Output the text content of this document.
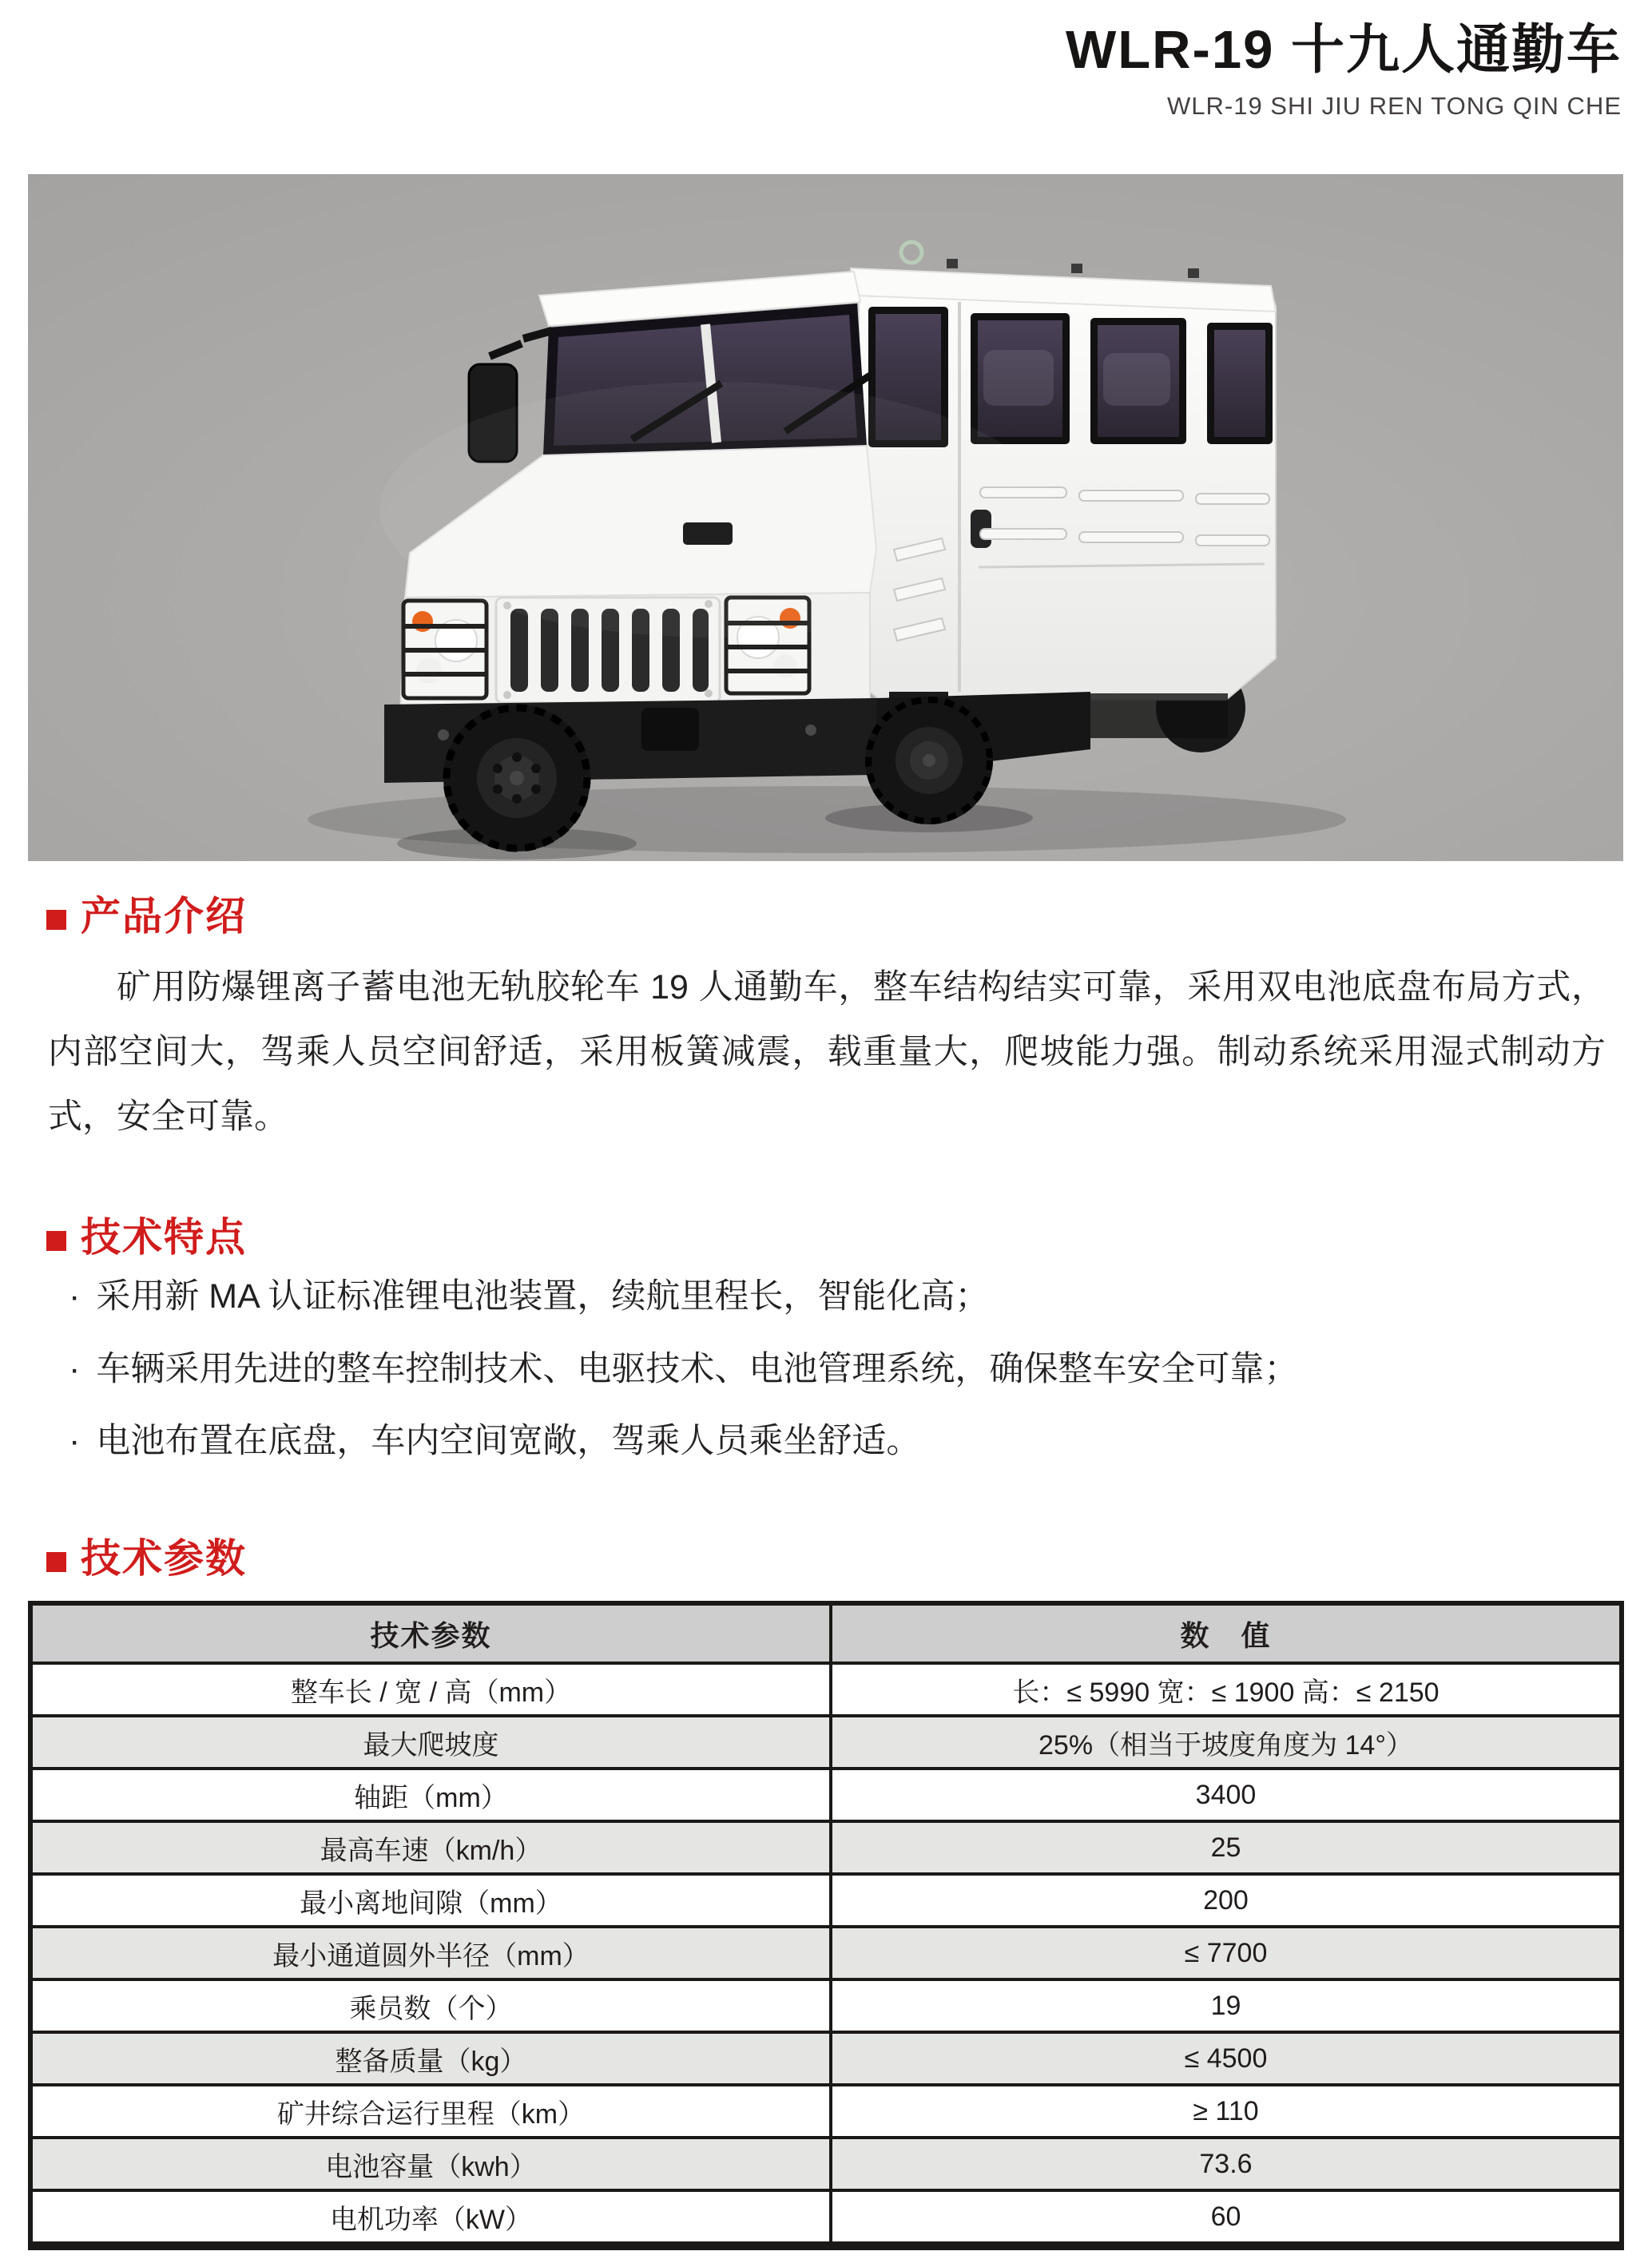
WLR-19 十九人通勤车
WLR-19 SHI JIU REN TONG QIN CHE
产品介绍

矿用防爆锂离子蓄电池无轨胶轮车 19 人通勤车，整车结构结实可靠，采用双电池底盘布局方式，内部空间大，驾乘人员空间舒适，采用板簧减震，载重量大，爬坡能力强。制动系统采用湿式制动方式，安全可靠。

技术特点
· 采用新 MA 认证标准锂电池装置，续航里程长，智能化高；
· 车辆采用先进的整车控制技术、电驱技术、电池管理系统，确保整车安全可靠；
· 电池布置在底盘，车内空间宽敞，驾乘人员乘坐舒适。
技术参数
技术参数	数　值
整车长 / 宽 / 高（mm）	长：≤ 5990 宽：≤ 1900 高：≤ 2150
最大爬坡度	25%（相当于坡度角度为 14°）
轴距（mm）	3400
最高车速（km/h）	25
最小离地间隙（mm）	200
最小通道圆外半径（mm）	≤ 7700
乘员数（个）	19
整备质量（kg）	≤ 4500
矿井综合运行里程（km）	≥ 110
电池容量（kwh）	73.6
电机功率（kW）	60
